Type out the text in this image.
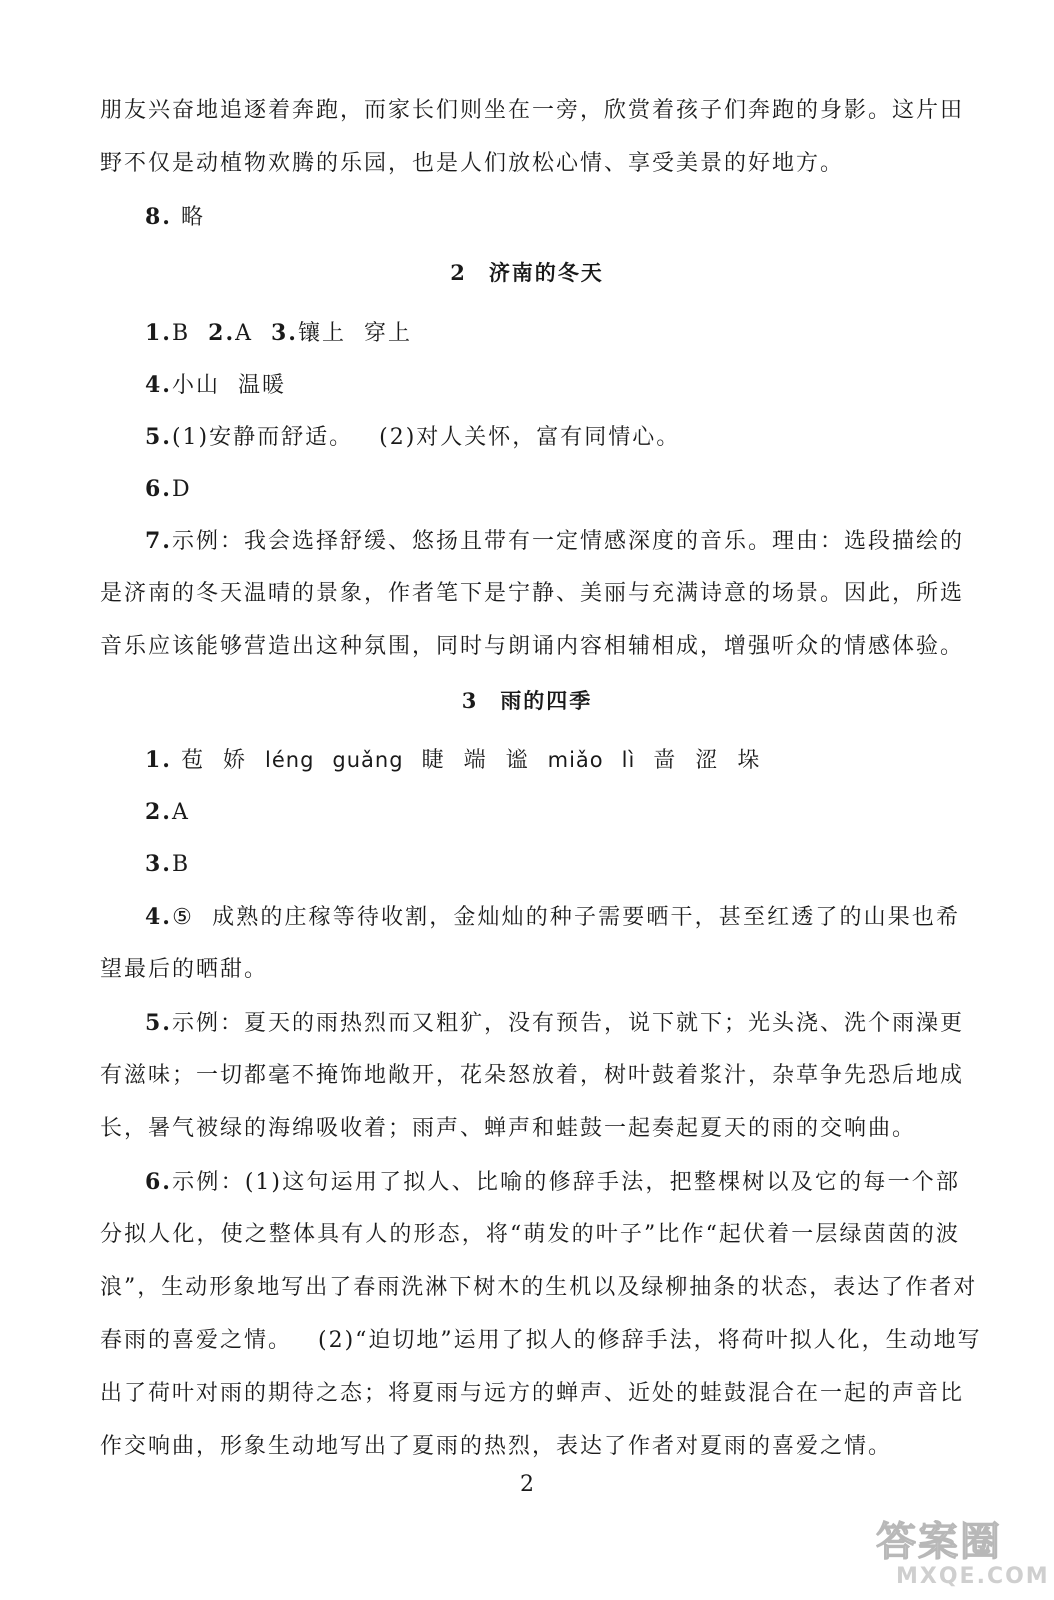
朋友兴奋地追逐着奔跑，而家长们则坐在一旁，欣赏着孩子们奔跑的身影。这片田
野不仅是动植物欢腾的乐园，也是人们放松心情、享受美景的好地方。
8. 略
2 济南的冬天
1.B 2.A 3.镶上 穿上
4.小山 温暖
5.(1)安静而舒适。 (2)对人关怀，富有同情心。
6.D
7.示例：我会选择舒缓、悠扬且带有一定情感深度的音乐。理由：选段描绘的
是济南的冬天温晴的景象，作者笔下是宁静、美丽与充满诗意的场景。因此，所选
音乐应该能够营造出这种氛围，同时与朗诵内容相辅相成，增强听众的情感体验。
3 雨的四季
1. 苞 娇 léng guǎng 睫 端 谧 miǎo lì 啬 涩 垛
2.A
3.B
4.⑤ 成熟的庄稼等待收割，金灿灿的种子需要晒干，甚至红透了的山果也希
望最后的晒甜。
5.示例：夏天的雨热烈而又粗犷，没有预告，说下就下；光头浇、洗个雨澡更
有滋味；一切都毫不掩饰地敞开，花朵怒放着，树叶鼓着浆汁，杂草争先恐后地成
长，暑气被绿的海绵吸收着；雨声、蝉声和蛙鼓一起奏起夏天的雨的交响曲。
6.示例：(1)这句运用了拟人、比喻的修辞手法，把整棵树以及它的每一个部
分拟人化，使之整体具有人的形态，将“萌发的叶子”比作“起伏着一层绿茵茵的波
浪”，生动形象地写出了春雨洗淋下树木的生机以及绿柳抽条的状态，表达了作者对
春雨的喜爱之情。 (2)“迫切地”运用了拟人的修辞手法，将荷叶拟人化，生动地写
出了荷叶对雨的期待之态；将夏雨与远方的蝉声、近处的蛙鼓混合在一起的声音比
作交响曲，形象生动地写出了夏雨的热烈，表达了作者对夏雨的喜爱之情。
2
答案圈
MXQE.COM
